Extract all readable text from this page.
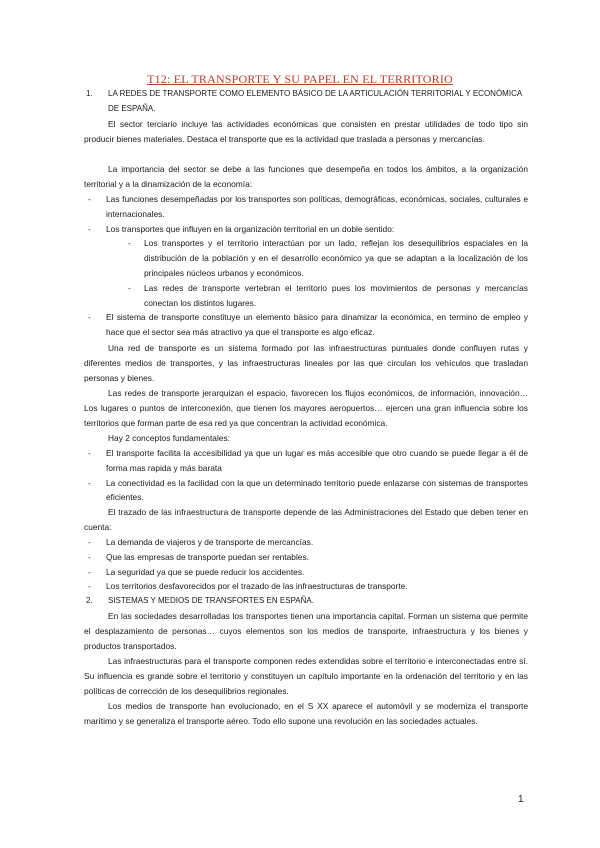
T12: EL TRANSPORTE Y SU PAPEL EN EL TERRITORIO

1. LA REDES DE TRANSPORTE COMO ELEMENTO BÁSICO DE LA ARTICULACIÓN TERRITORIAL Y ECONÓMICA DE ESPAÑA.

El sector terciario incluye las actividades económicas que consisten en prestar utilidades de todo tipo sin producir bienes materiales. Destaca el transporte que es la actividad que traslada a personas y mercancías.

La importancia del sector se debe a las funciones que desempeña en todos los ámbitos, a la organización territorial y a la dinamización de la economía:

- Las funciones desempeñadas por los transportes son políticas, demográficas, económicas, sociales, culturales e internacionales.

- Los transportes que influyen en la organización territorial en un doble sentido:

- Los transportes y el territorio interactúan por un lado, reflejan los desequilibrios espaciales en la distribución de la población y en el desarrollo económico ya que se adaptan a la localización de los principales núcleos urbanos y económicos.

- Las redes de transporte vertebran el territorio pues los movimientos de personas y mercancías conectan los distintos lugares.

- El sistema de transporte constituye un elemento básico para dinamizar la económica, en termino de empleo y hace que el sector sea más atractivo ya que el transporte es algo eficaz.

Una red de transporte es un sistema formado por las infraestructuras puntuales donde confluyen rutas y diferentes medios de transportes, y las infraestructuras lineales por las que circulan los vehículos que trasladan personas y bienes.

Las redes de transporte jerarquizan el espacio, favorecen los flujos económicos, de información, innovación… Los lugares o puntos de interconexión, que tienen los mayores aeropuertos… ejercen una gran influencia sobre los territorios que forman parte de esa red ya que concentran la actividad económica.

Hay 2 conceptos fundamentales:

- El transporte facilita la accesibilidad ya que un lugar es más accesible que otro cuando se puede llegar a él de forma mas rapida y más barata

- La conectividad es la facilidad con la que un determinado territorio puede enlazarse con sistemas de transportes eficientes.

El trazado de las infraestructura de transporte depende de las Administraciones del Estado que deben tener en cuenta:

- La demanda de viajeros y de transporte de mercancías.

- Que las empresas de transporte puedan ser rentables.

- La seguridad ya que se puede reducir los accidentes.

- Los territorios desfavorecidos por el trazado de las infraestructuras de transporte.

2. SISTEMAS Y MEDIOS DE TRANSFORTES EN ESPAÑA.

En las sociedades desarrolladas los transportes tienen una importancia capital. Forman un sistema que permite el desplazamiento de personas… cuyos elementos son los medios de transporte, infraestructura y los bienes y productos transportados.

Las infraestructuras para el transporte componen redes extendidas sobre el territorio e interconectadas entre sí. Su influencia es grande sobre el territorio y constituyen un capítulo importante en la ordenación del territorio y en las políticas de corrección de los desequilibrios regionales.

Los medios de transporte han evolucionado, en el S XX aparece el automóvil y se moderniza el transporte marítimo y se generaliza el transporte aéreo. Todo ello supone una revolución en las sociedades actuales.

1
